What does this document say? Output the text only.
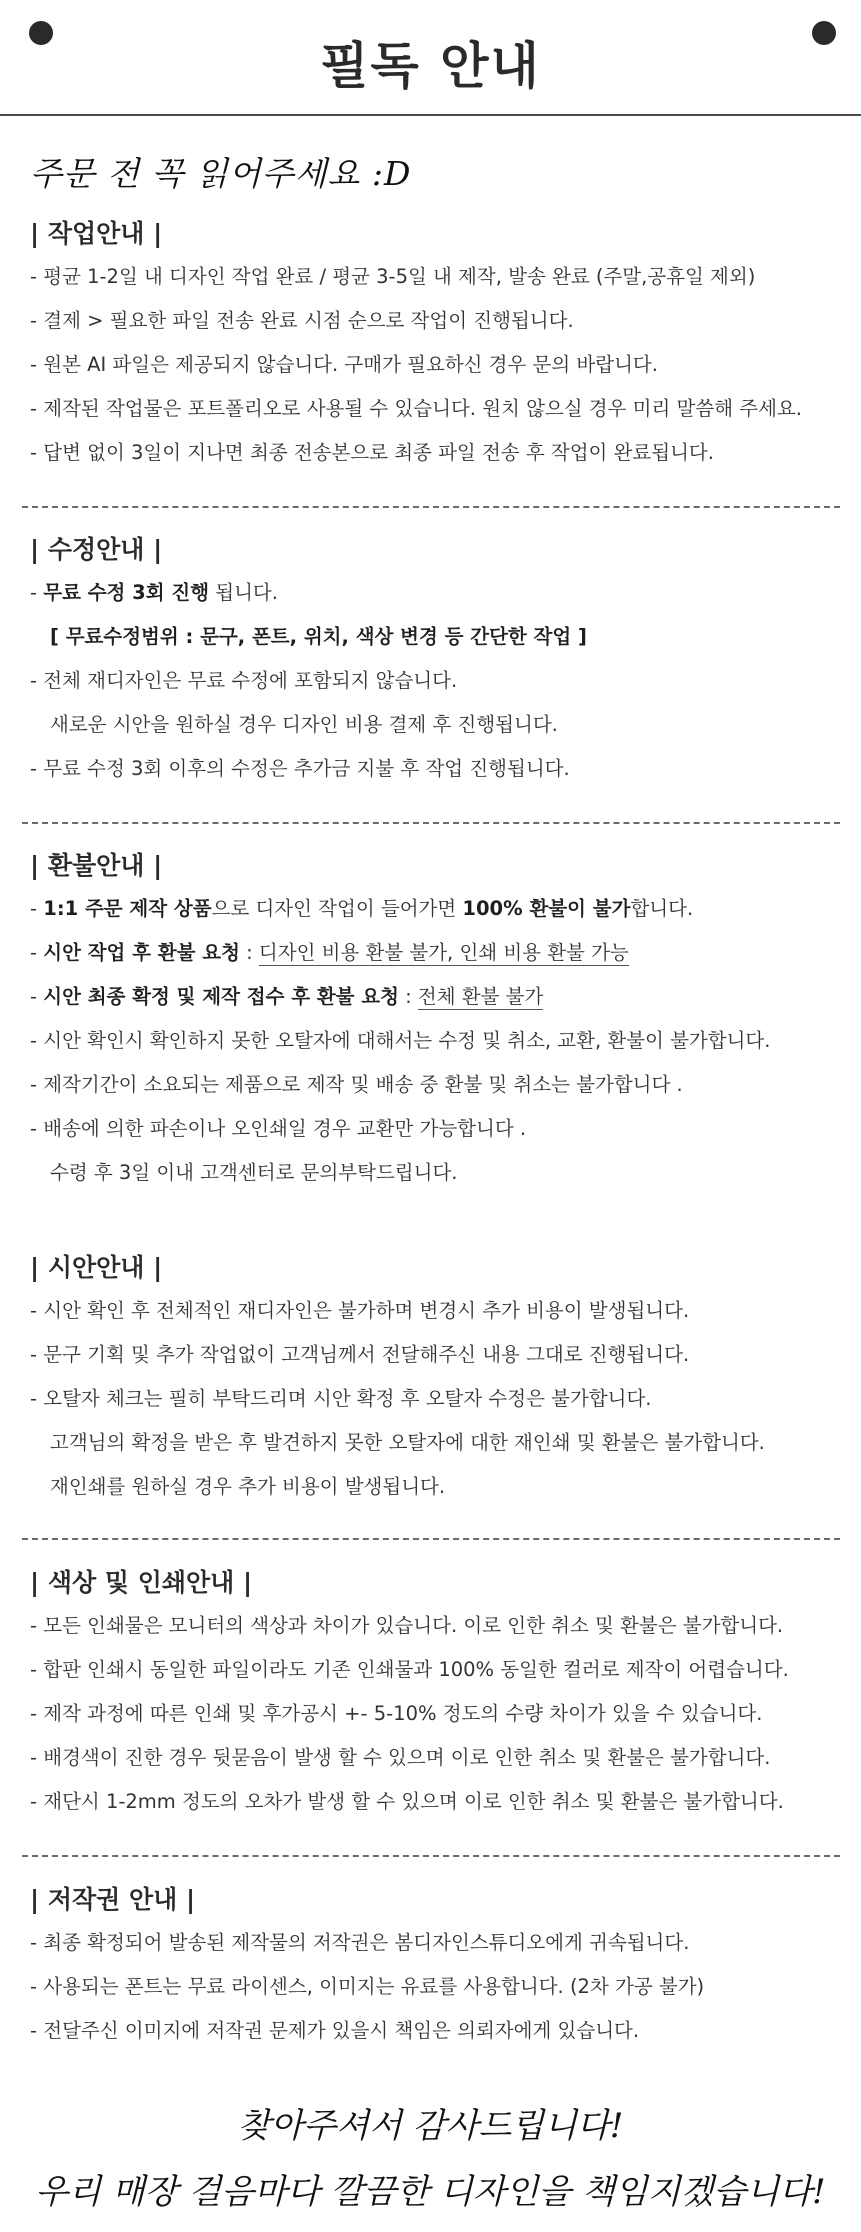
필독 안내
주문 전 꼭 읽어주세요 :D
| 작업안내 |
- 평균 1-2일 내 디자인 작업 완료 / 평균 3-5일 내 제작, 발송 완료 (주말,공휴일 제외)
- 결제 > 필요한 파일 전송 완료 시점 순으로 작업이 진행됩니다.
- 원본 AI 파일은 제공되지 않습니다. 구매가 필요하신 경우 문의 바랍니다.
- 제작된 작업물은 포트폴리오로 사용될 수 있습니다. 원치 않으실 경우 미리 말씀해 주세요.
- 답변 없이 3일이 지나면 최종 전송본으로 최종 파일 전송 후 작업이 완료됩니다.
| 수정안내 |
- 무료 수정 3회 진행 됩니다.
[ 무료수정범위 : 문구, 폰트, 위치, 색상 변경 등 간단한 작업 ]
- 전체 재디자인은 무료 수정에 포함되지 않습니다.
새로운 시안을 원하실 경우 디자인 비용 결제 후 진행됩니다.
- 무료 수정 3회 이후의 수정은 추가금 지불 후 작업 진행됩니다.
| 환불안내 |
- 1:1 주문 제작 상품으로 디자인 작업이 들어가면 100% 환불이 불가합니다.
- 시안 작업 후 환불 요청 : 디자인 비용 환불 불가, 인쇄 비용 환불 가능
- 시안 최종 확정 및 제작 접수 후 환불 요청 : 전체 환불 불가
- 시안 확인시 확인하지 못한 오탈자에 대해서는 수정 및 취소, 교환, 환불이 불가합니다.
- 제작기간이 소요되는 제품으로 제작 및 배송 중 환불 및 취소는 불가합니다 .
- 배송에 의한 파손이나 오인쇄일 경우 교환만 가능합니다 .
수령 후 3일 이내 고객센터로 문의부탁드립니다.
| 시안안내 |
- 시안 확인 후 전체적인 재디자인은 불가하며 변경시 추가 비용이 발생됩니다.
- 문구 기획 및 추가 작업없이 고객님께서 전달해주신 내용 그대로 진행됩니다.
- 오탈자 체크는 필히 부탁드리며 시안 확정 후 오탈자 수정은 불가합니다.
고객님의 확정을 받은 후 발견하지 못한 오탈자에 대한 재인쇄 및 환불은 불가합니다.
재인쇄를 원하실 경우 추가 비용이 발생됩니다.
| 색상 및 인쇄안내 |
- 모든 인쇄물은 모니터의 색상과 차이가 있습니다. 이로 인한 취소 및 환불은 불가합니다.
- 합판 인쇄시 동일한 파일이라도 기존 인쇄물과 100% 동일한 컬러로 제작이 어렵습니다.
- 제작 과정에 따른 인쇄 및 후가공시 +- 5-10% 정도의 수량 차이가 있을 수 있습니다.
- 배경색이 진한 경우 뒷묻음이 발생 할 수 있으며 이로 인한 취소 및 환불은 불가합니다.
- 재단시 1-2mm 정도의 오차가 발생 할 수 있으며 이로 인한 취소 및 환불은 불가합니다.
| 저작권 안내 |
- 최종 확정되어 발송된 제작물의 저작권은 봄디자인스튜디오에게 귀속됩니다.
- 사용되는 폰트는 무료 라이센스, 이미지는 유료를 사용합니다. (2차 가공 불가)
- 전달주신 이미지에 저작권 문제가 있을시 책임은 의뢰자에게 있습니다.
찾아주셔서 감사드립니다!
우리 매장 걸음마다 깔끔한 디자인을 책임지겠습니다!
